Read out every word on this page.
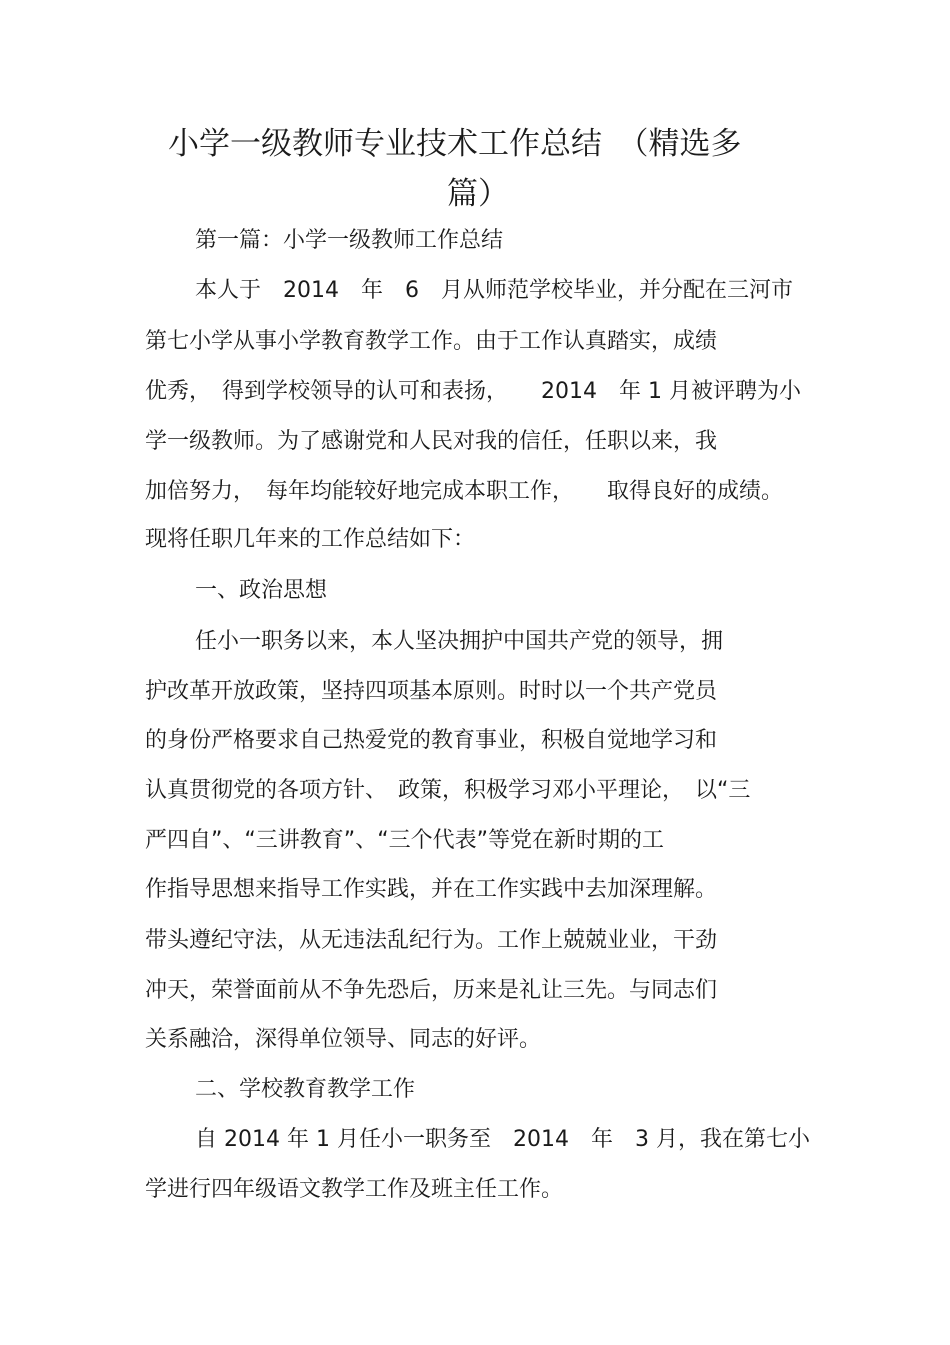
小学一级教师专业技术工作总结　（精选多
篇）
第一篇：小学一级教师工作总结
本人于　2014　年　6　月从师范学校毕业，并分配在三河市
第七小学从事小学教育教学工作。由于工作认真踏实，成绩
优秀，　得到学校领导的认可和表扬，　　2014　年 1 月被评聘为小
学一级教师。为了感谢党和人民对我的信任，任职以来，我
加倍努力，　每年均能较好地完成本职工作，　　取得良好的成绩。
现将任职几年来的工作总结如下：
一、政治思想
任小一职务以来，本人坚决拥护中国共产党的领导，拥
护改革开放政策，坚持四项基本原则。时时以一个共产党员
的身份严格要求自己热爱党的教育事业，积极自觉地学习和
认真贯彻党的各项方针、　政策，积极学习邓小平理论，　以“三
严四自”、“三讲教育”、“三个代表”等党在新时期的工
作指导思想来指导工作实践，并在工作实践中去加深理解。
带头遵纪守法，从无违法乱纪行为。工作上兢兢业业，干劲
冲天，荣誉面前从不争先恐后，历来是礼让三先。与同志们
关系融洽，深得单位领导、同志的好评。
二、学校教育教学工作
自 2014 年 1 月任小一职务至　2014　年　3 月，我在第七小
学进行四年级语文教学工作及班主任工作。
